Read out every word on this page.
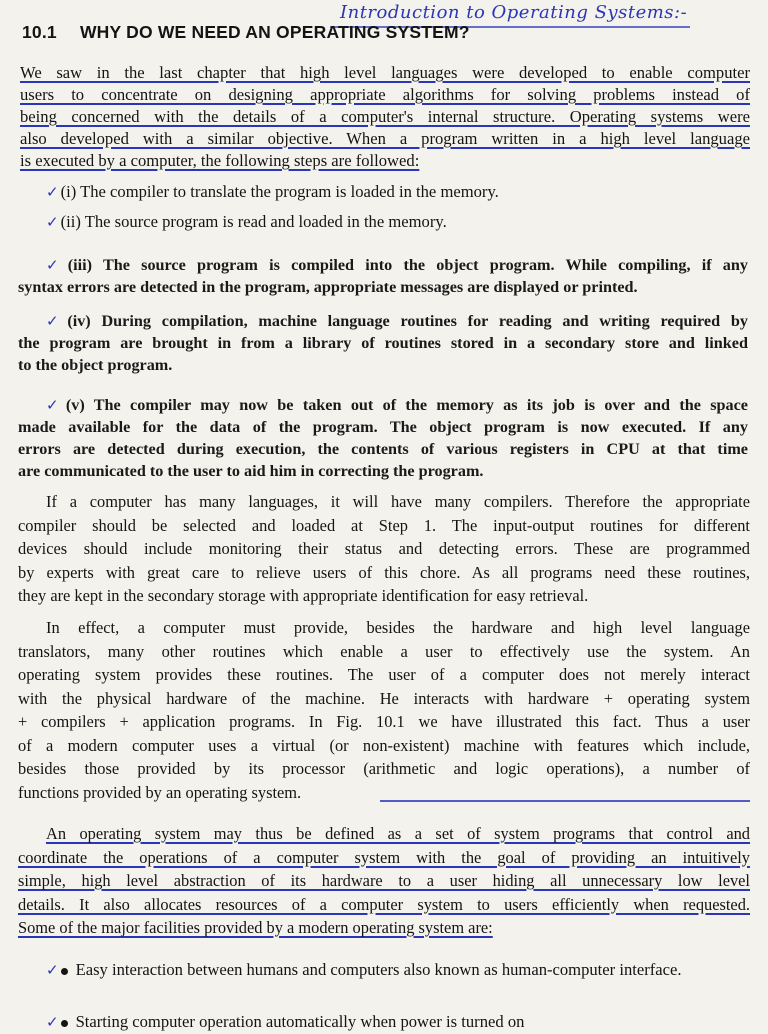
Introduction to Operating Systems:-
10.1 WHY DO WE NEED AN OPERATING SYSTEM?
We saw in the last chapter that high level languages were developed to enable computer
users to concentrate on designing appropriate algorithms for solving problems instead of
being concerned with the details of a computer's internal structure. Operating systems were
also developed with a similar objective. When a program written in a high level language
is executed by a computer, the following steps are followed:
✓ (i) The compiler to translate the program is loaded in the memory.
✓ (ii) The source program is read and loaded in the memory.
✓ (iii) The source program is compiled into the object program. While compiling, if any
syntax errors are detected in the program, appropriate messages are displayed or printed.
✓ (iv) During compilation, machine language routines for reading and writing required by
the program are brought in from a library of routines stored in a secondary store and linked
to the object program.
✓ (v) The compiler may now be taken out of the memory as its job is over and the space
made available for the data of the program. The object program is now executed. If any
errors are detected during execution, the contents of various registers in CPU at that time
are communicated to the user to aid him in correcting the program.
If a computer has many languages, it will have many compilers. Therefore the appropriate
compiler should be selected and loaded at Step 1. The input-output routines for different
devices should include monitoring their status and detecting errors. These are programmed
by experts with great care to relieve users of this chore. As all programs need these routines,
they are kept in the secondary storage with appropriate identification for easy retrieval.
In effect, a computer must provide, besides the hardware and high level language
translators, many other routines which enable a user to effectively use the system. An
operating system provides these routines. The user of a computer does not merely interact
with the physical hardware of the machine. He interacts with hardware + operating system
+ compilers + application programs. In Fig. 10.1 we have illustrated this fact. Thus a user
of a modern computer uses a virtual (or non-existent) machine with features which include,
besides those provided by its processor (arithmetic and logic operations), a number of
functions provided by an operating system.
An operating system may thus be defined as a set of system programs that control and
coordinate the operations of a computer system with the goal of providing an intuitively
simple, high level abstraction of its hardware to a user hiding all unnecessary low level
details. It also allocates resources of a computer system to users efficiently when requested.
Some of the major facilities provided by a modern operating system are:
✓ Easy interaction between humans and computers also known as human-computer interface.
✓ Starting computer operation automatically when power is turned on
